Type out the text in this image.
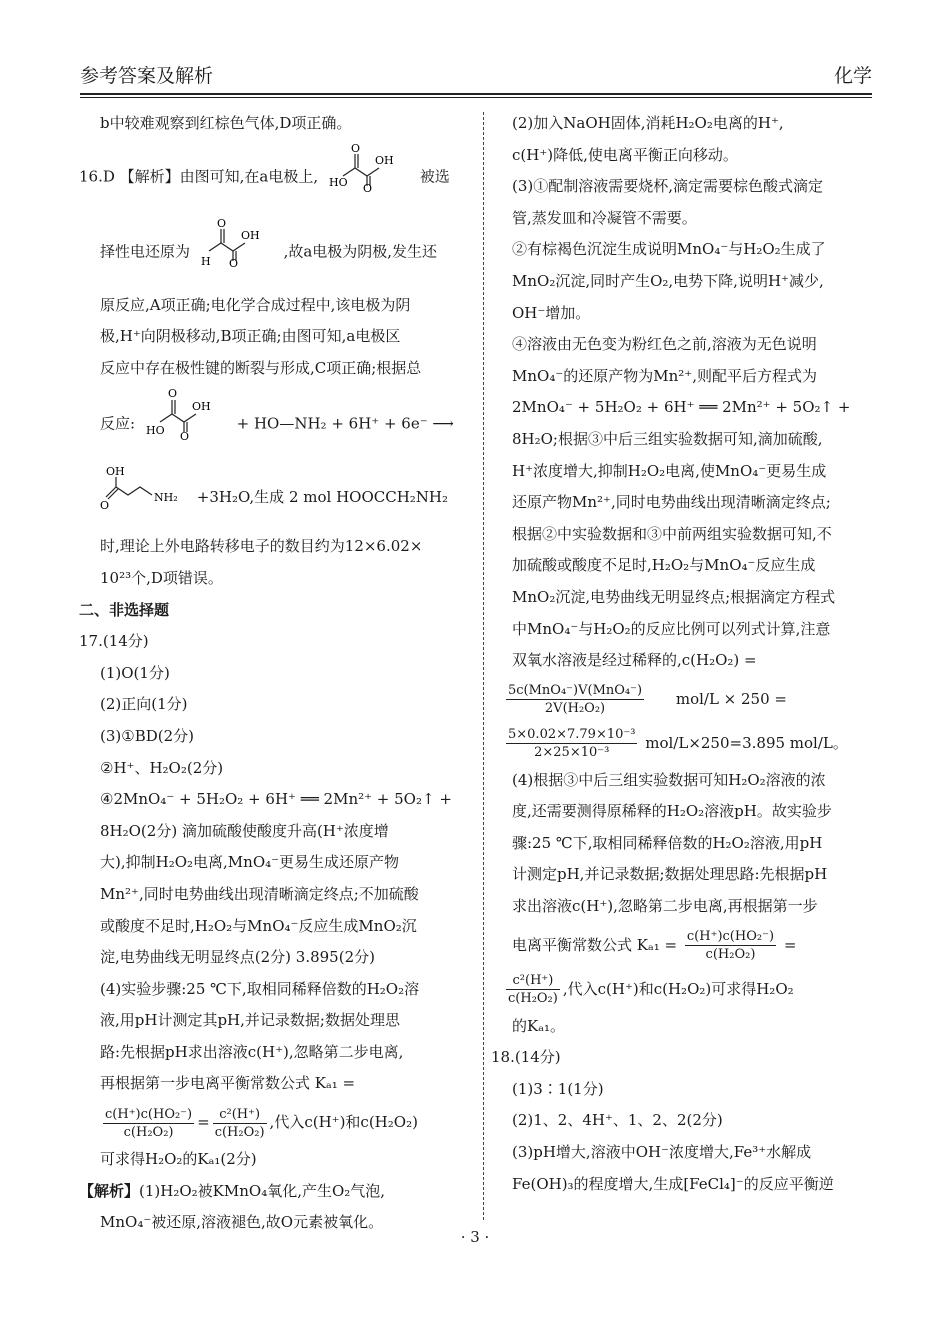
参考答案及解析	化学

b中较难观察到红棕色气体,D项正确。

16.D 【解析】由图可知,在a电极上,
O
OH
HO O
被选

择性电还原为
O
OH
H O
,故a电极为阴极,发生还

原反应,A项正确;电化学合成过程中,该电极为阴

极,H⁺向阴极移动,B项正确;由图可知,a电极区

反应中存在极性键的断裂与形成,C项正确;根据总

反应:
O
OH
HO O
+ HO—NH₂ + 6H⁺ + 6e⁻ ⟶

OH
O
NH₂ +3H₂O,生成 2 mol HOOCCH₂NH₂

时,理论上外电路转移电子的数目约为12×6.02×

10²³个,D项错误。

二、非选择题

17.(14分)

(1)O(1分)

(2)正向(1分)

(3)①BD(2分)

②H⁺、H₂O₂(2分)

④2MnO₄⁻ + 5H₂O₂ + 6H⁺ ══ 2Mn²⁺ + 5O₂↑ +

8H₂O(2分) 滴加硫酸使酸度升高(H⁺浓度增

大),抑制H₂O₂电离,MnO₄⁻更易生成还原产物

Mn²⁺,同时电势曲线出现清晰滴定终点;不加硫酸

或酸度不足时,H₂O₂与MnO₄⁻反应生成MnO₂沉

淀,电势曲线无明显终点(2分) 3.895(2分)

(4)实验步骤:25 ℃下,取相同稀释倍数的H₂O₂溶

液,用pH计测定其pH,并记录数据;数据处理思

路:先根据pH求出溶液c(H⁺),忽略第二步电离,

再根据第一步电离平衡常数公式 Kₐ₁ =

$\frac{\text{c(H⁺)c(HO₂⁻)}}{\text{c(H₂O₂)}} = \frac{\text{c²(H⁺)}}{\text{c(H₂O₂)}}$ ,代入c(H⁺)和c(H₂O₂)

可求得H₂O₂的Kₐ₁(2分)

【解析】(1)H₂O₂被KMnO₄氧化,产生O₂气泡,

MnO₄⁻被还原,溶液褪色,故O元素被氧化。

(2)加入NaOH固体,消耗H₂O₂电离的H⁺,

c(H⁺)降低,使电离平衡正向移动。

(3)①配制溶液需要烧杯,滴定需要棕色酸式滴定

管,蒸发皿和冷凝管不需要。

②有棕褐色沉淀生成说明MnO₄⁻与H₂O₂生成了

MnO₂沉淀,同时产生O₂,电势下降,说明H⁺减少,

OH⁻增加。

④溶液由无色变为粉红色之前,溶液为无色说明

MnO₄⁻的还原产物为Mn²⁺,则配平后方程式为

2MnO₄⁻ + 5H₂O₂ + 6H⁺ ══ 2Mn²⁺ + 5O₂↑ +

8H₂O;根据③中后三组实验数据可知,滴加硫酸,

H⁺浓度增大,抑制H₂O₂电离,使MnO₄⁻更易生成

还原产物Mn²⁺,同时电势曲线出现清晰滴定终点;

根据②中实验数据和③中前两组实验数据可知,不

加硫酸或酸度不足时,H₂O₂与MnO₄⁻反应生成

MnO₂沉淀,电势曲线无明显终点;根据滴定方程式

中MnO₄⁻与H₂O₂的反应比例可以列式计算,注意

双氧水溶液是经过稀释的,c(H₂O₂) =

$\frac{\text{5c(MnO₄⁻)V(MnO₄⁻)}}{\text{2V(H₂O₂)}} mol/L \times 250$ =

$\frac{\text{5×0.02×7.79×10⁻³}}{\text{2×25×10⁻³}} mol/L\times 250=3.895$ mol/L。

(4)根据③中后三组实验数据可知H₂O₂溶液的浓

度,还需要测得原稀释的H₂O₂溶液pH。故实验步

骤:25 ℃下,取相同稀释倍数的H₂O₂溶液,用pH

计测定pH,并记录数据;数据处理思路:先根据pH

求出溶液c(H⁺),忽略第二步电离,再根据第一步

电离平衡常数公式 $K_{a1} = \frac{\text{c(H⁺)c(HO₂⁻)}}{\text{c(H₂O₂)}}$ =

$\frac{\text{c²(H⁺)}}{\text{c(H₂O₂)}}$ ,代入c(H⁺)和c(H₂O₂)可求得H₂O₂

的Kₐ₁。

18.(14分)

(1)3∶1(1分)

(2)1、2、4H⁺、1、2、2(2分)

(3)pH增大,溶液中OH⁻浓度增大,Fe³⁺水解成

Fe(OH)₃的程度增大,生成[FeCl₄]⁻的反应平衡逆

· 3 ·
